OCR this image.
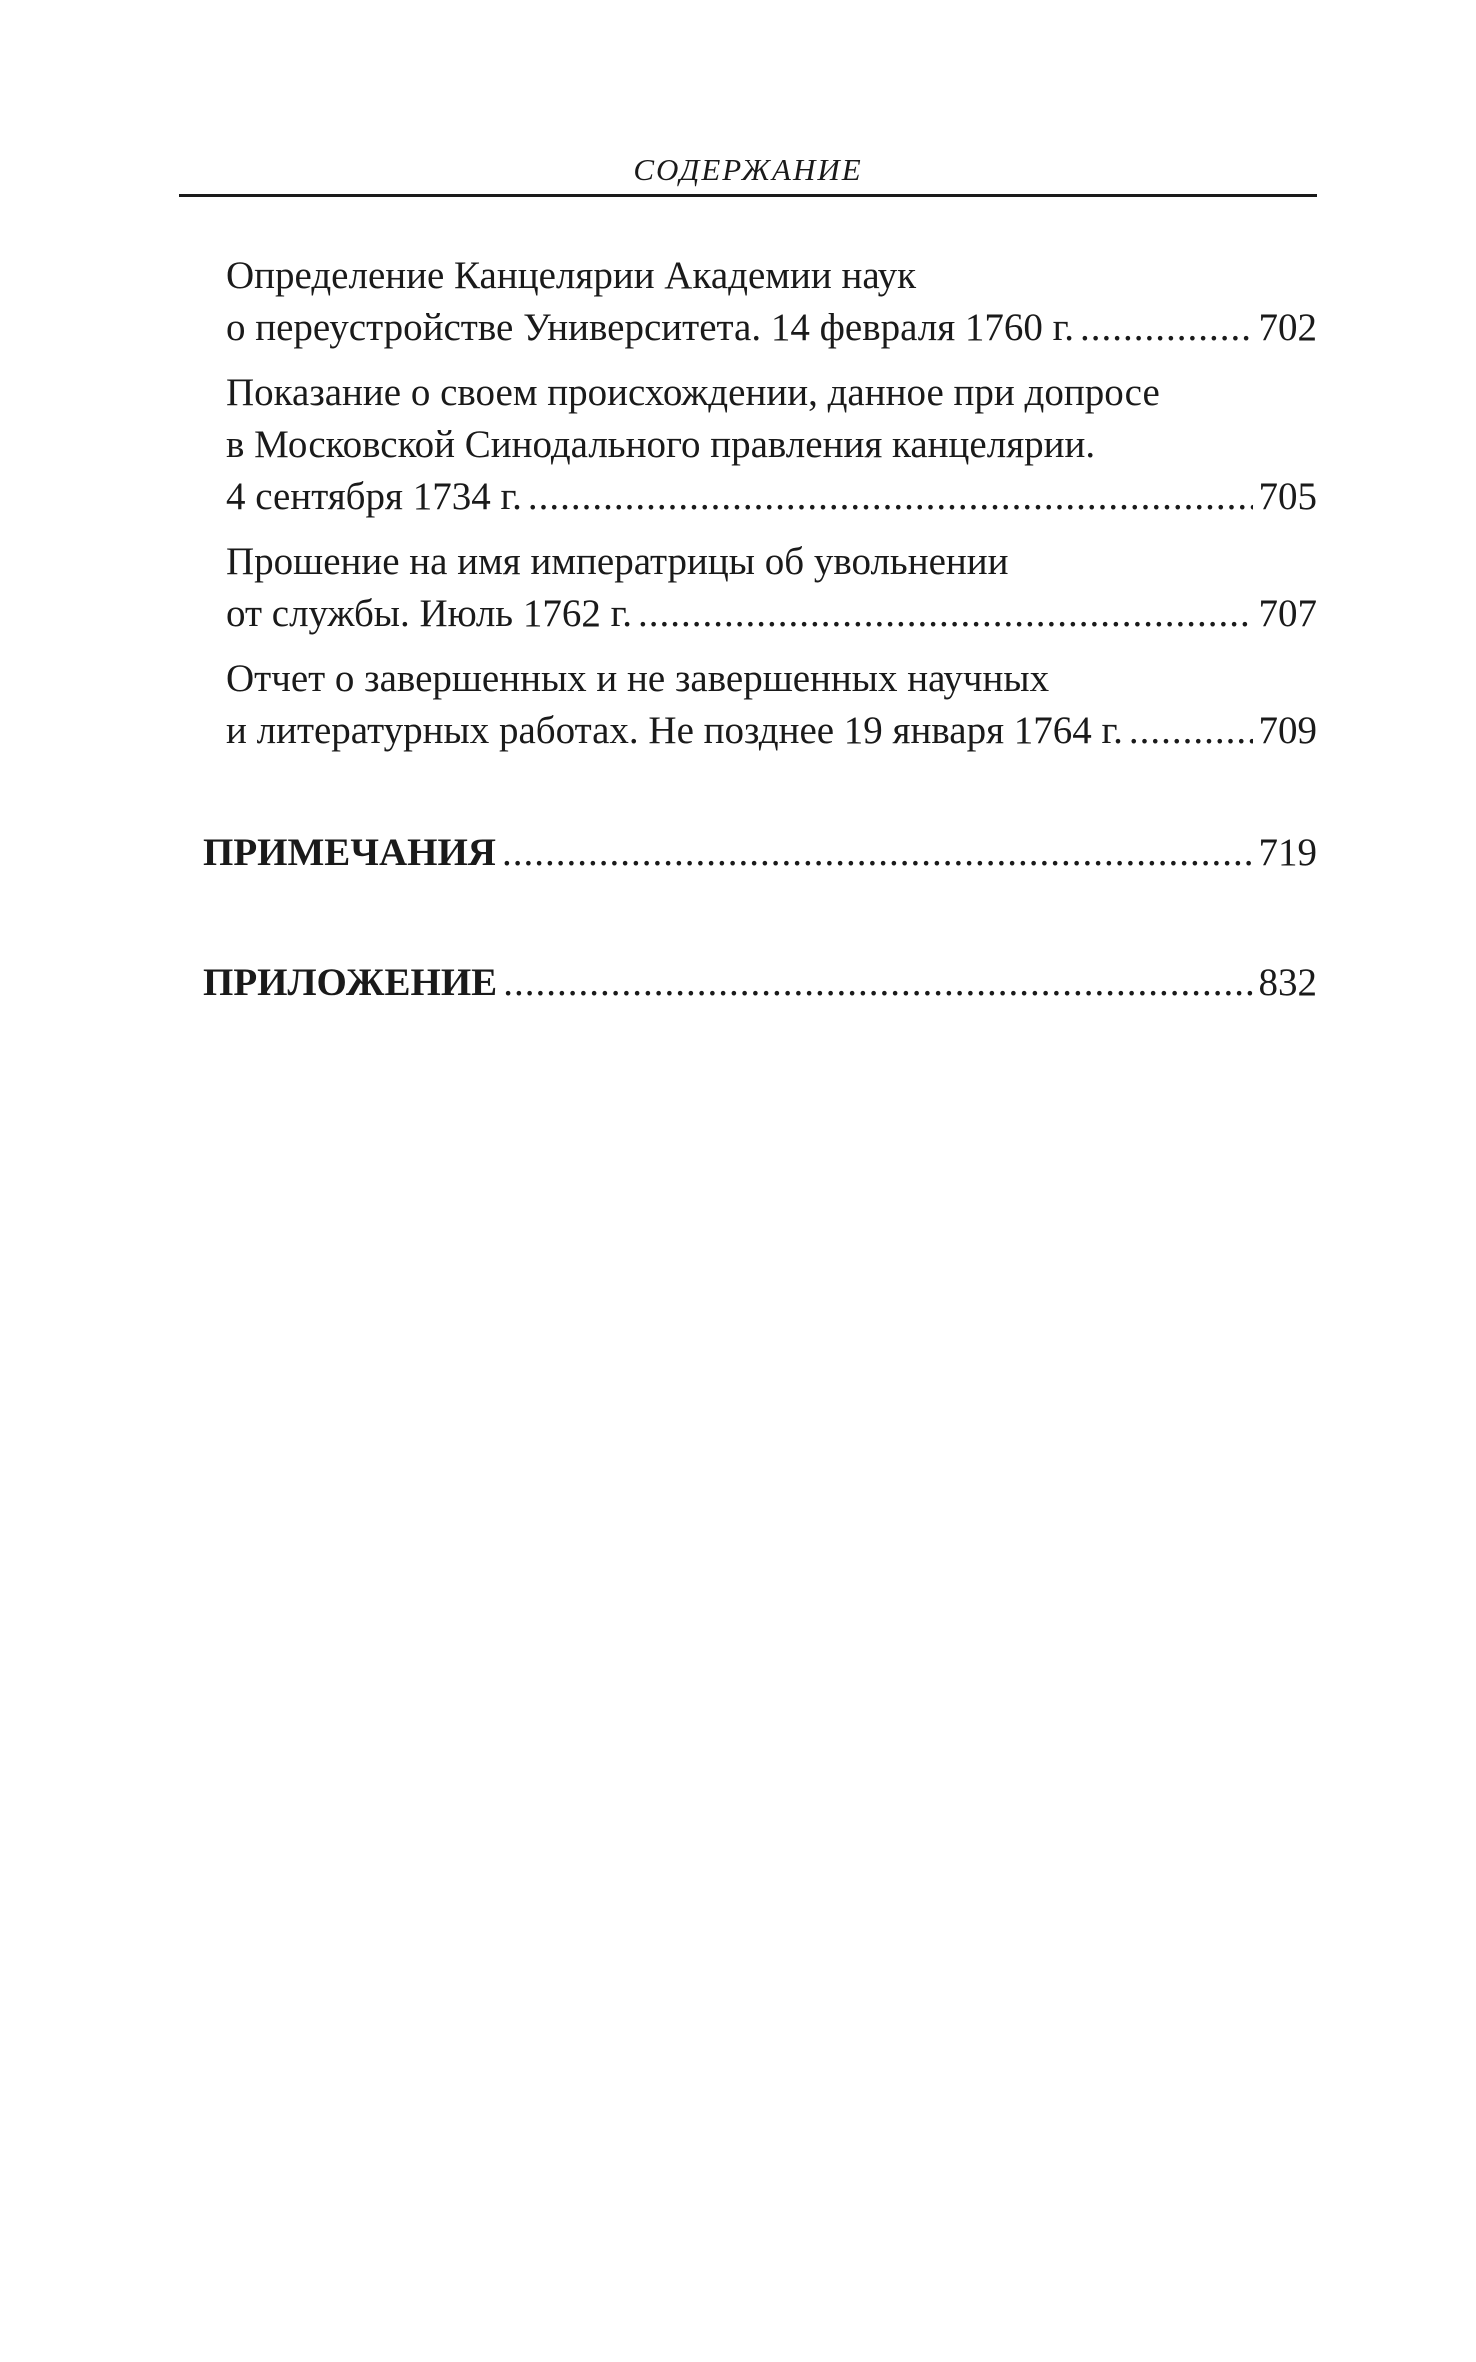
СОДЕРЖАНИЕ
Определение Канцелярии Академии наук
о переустройстве Университета. 14 февраля 1760 г. .....	702
Показание о своем происхождении, данное при допросе
в Московской Синодального правления канцелярии.
4 сентября 1734 г. .....	705
Прошение на имя императрицы об увольнении
от службы. Июль 1762 г. .....	707
Отчет о завершенных и не завершенных научных
и литературных работах. Не позднее 19 января 1764 г. .....	709
ПРИМЕЧАНИЯ .....	719
ПРИЛОЖЕНИЕ .....	832
